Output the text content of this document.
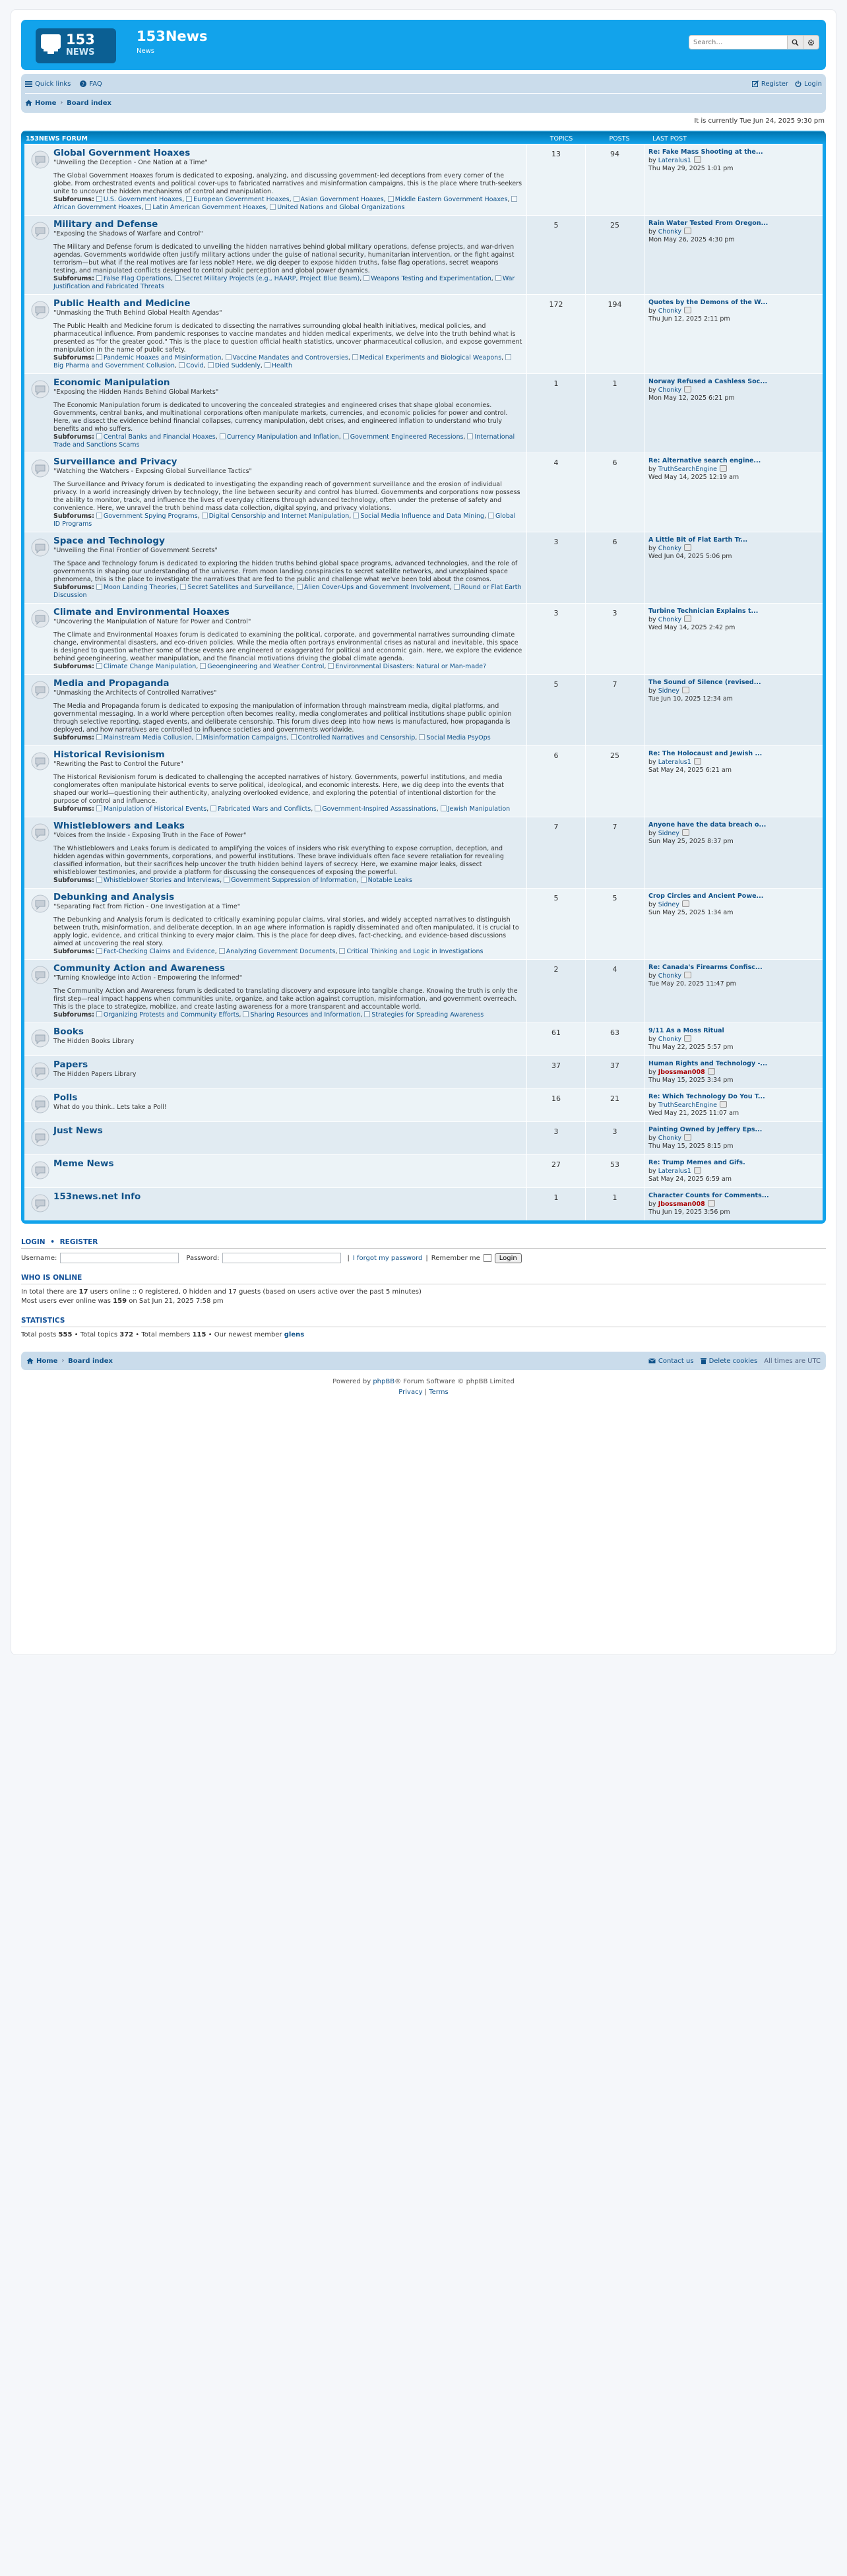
153
NEWS
153News
News
Search…
Quick links ? FAQ	Register Login
Home › Board index
It is currently Tue Jun 24, 2025 9:30 pm
153NEWS FORUM	TOPICS	POSTS	LAST POST
Global Government Hoaxes
"Unveiling the Deception - One Nation at a Time"
The Global Government Hoaxes forum is dedicated to exposing, analyzing, and discussing government-led deceptions from every corner of the globe. From orchestrated events and political cover-ups to fabricated narratives and misinformation campaigns, this is the place where truth-seekers unite to uncover the hidden mechanisms of control and manipulation.
Subforums: U.S. Government Hoaxes, European Government Hoaxes, Asian Government Hoaxes, Middle Eastern Government Hoaxes,African Government Hoaxes, Latin American Government Hoaxes, United Nations and Global Organizations
13	94	Re: Fake Mass Shooting at the...
by Lateralus1
Thu May 29, 2025 1:01 pm
Military and Defense
"Exposing the Shadows of Warfare and Control"
The Military and Defense forum is dedicated to unveiling the hidden narratives behind global military operations, defense projects, and war-driven agendas. Governments worldwide often justify military actions under the guise of national security, humanitarian intervention, or the fight against terrorism—but what if the real motives are far less noble? Here, we dig deeper to expose hidden truths, false flag operations, secret weapons testing, and manipulated conflicts designed to control public perception and global power dynamics.
Subforums: False Flag Operations, Secret Military Projects (e.g., HAARP, Project Blue Beam), Weapons Testing and Experimentation, War Justification and Fabricated Threats
5	25	Rain Water Tested From Oregon...
by Chonky
Mon May 26, 2025 4:30 pm
Public Health and Medicine
"Unmasking the Truth Behind Global Health Agendas"
The Public Health and Medicine forum is dedicated to dissecting the narratives surrounding global health initiatives, medical policies, and pharmaceutical influence. From pandemic responses to vaccine mandates and hidden medical experiments, we delve into the truth behind what is presented as "for the greater good." This is the place to question official health statistics, uncover pharmaceutical collusion, and expose government manipulation in the name of public safety.
Subforums: Pandemic Hoaxes and Misinformation, Vaccine Mandates and Controversies, Medical Experiments and Biological Weapons,Big Pharma and Government Collusion, Covid, Died Suddenly, Health
172	194	Quotes by the Demons of the W...
by Chonky
Thu Jun 12, 2025 2:11 pm
Economic Manipulation
"Exposing the Hidden Hands Behind Global Markets"
The Economic Manipulation forum is dedicated to uncovering the concealed strategies and engineered crises that shape global economies. Governments, central banks, and multinational corporations often manipulate markets, currencies, and economic policies for power and control. Here, we dissect the evidence behind financial collapses, currency manipulation, debt crises, and engineered inflation to understand who truly benefits and who suffers.
Subforums: Central Banks and Financial Hoaxes, Currency Manipulation and Inflation, Government Engineered Recessions, International Trade and Sanctions Scams
1	1	Norway Refused a Cashless Soc...
by Chonky
Mon May 12, 2025 6:21 pm
Surveillance and Privacy
"Watching the Watchers - Exposing Global Surveillance Tactics"
The Surveillance and Privacy forum is dedicated to investigating the expanding reach of government surveillance and the erosion of individual privacy. In a world increasingly driven by technology, the line between security and control has blurred. Governments and corporations now possess the ability to monitor, track, and influence the lives of everyday citizens through advanced technology, often under the pretense of safety and convenience. Here, we unravel the truth behind mass data collection, digital spying, and privacy violations.
Subforums: Government Spying Programs, Digital Censorship and Internet Manipulation, Social Media Influence and Data Mining, Global ID Programs
4	6	Re: Alternative search engine...
by TruthSearchEngine
Wed May 14, 2025 12:19 am
Space and Technology
"Unveiling the Final Frontier of Government Secrets"
The Space and Technology forum is dedicated to exploring the hidden truths behind global space programs, advanced technologies, and the role of governments in shaping our understanding of the universe. From moon landing conspiracies to secret satellite networks, and unexplained space phenomena, this is the place to investigate the narratives that are fed to the public and challenge what we've been told about the cosmos.
Subforums: Moon Landing Theories, Secret Satellites and Surveillance, Alien Cover-Ups and Government Involvement, Round or Flat Earth Discussion
3	6	A Little Bit of Flat Earth Tr...
by Chonky
Wed Jun 04, 2025 5:06 pm
Climate and Environmental Hoaxes
"Uncovering the Manipulation of Nature for Power and Control"
The Climate and Environmental Hoaxes forum is dedicated to examining the political, corporate, and governmental narratives surrounding climate change, environmental disasters, and eco-driven policies. While the media often portrays environmental crises as natural and inevitable, this space is designed to question whether some of these events are engineered or exaggerated for political and economic gain. Here, we explore the evidence behind geoengineering, weather manipulation, and the financial motivations driving the global climate agenda.
Subforums: Climate Change Manipulation, Geoengineering and Weather Control, Environmental Disasters: Natural or Man-made?
3	3	Turbine Technician Explains t...
by Chonky
Wed May 14, 2025 2:42 pm
Media and Propaganda
"Unmasking the Architects of Controlled Narratives"
The Media and Propaganda forum is dedicated to exposing the manipulation of information through mainstream media, digital platforms, and governmental messaging. In a world where perception often becomes reality, media conglomerates and political institutions shape public opinion through selective reporting, staged events, and deliberate censorship. This forum dives deep into how news is manufactured, how propaganda is deployed, and how narratives are controlled to influence societies and governments worldwide.
Subforums: Mainstream Media Collusion, Misinformation Campaigns, Controlled Narratives and Censorship, Social Media PsyOps
5	7	The Sound of Silence (revised...
by Sidney
Tue Jun 10, 2025 12:34 am
Historical Revisionism
"Rewriting the Past to Control the Future"
The Historical Revisionism forum is dedicated to challenging the accepted narratives of history. Governments, powerful institutions, and media conglomerates often manipulate historical events to serve political, ideological, and economic interests. Here, we dig deep into the events that shaped our world—questioning their authenticity, analyzing overlooked evidence, and exploring the potential of intentional distortion for the purpose of control and influence.
Subforums: Manipulation of Historical Events, Fabricated Wars and Conflicts, Government-Inspired Assassinations, Jewish Manipulation
6	25	Re: The Holocaust and Jewish ...
by Lateralus1
Sat May 24, 2025 6:21 am
Whistleblowers and Leaks
"Voices from the Inside - Exposing Truth in the Face of Power"
The Whistleblowers and Leaks forum is dedicated to amplifying the voices of insiders who risk everything to expose corruption, deception, and hidden agendas within governments, corporations, and powerful institutions. These brave individuals often face severe retaliation for revealing classified information, but their sacrifices help uncover the truth hidden behind layers of secrecy. Here, we examine major leaks, dissect whistleblower testimonies, and provide a platform for discussing the consequences of exposing the powerful.
Subforums: Whistleblower Stories and Interviews, Government Suppression of Information, Notable Leaks
7	7	Anyone have the data breach o...
by Sidney
Sun May 25, 2025 8:37 pm
Debunking and Analysis
"Separating Fact from Fiction - One Investigation at a Time"
The Debunking and Analysis forum is dedicated to critically examining popular claims, viral stories, and widely accepted narratives to distinguish between truth, misinformation, and deliberate deception. In an age where information is rapidly disseminated and often manipulated, it is crucial to apply logic, evidence, and critical thinking to every major claim. This is the place for deep dives, fact-checking, and evidence-based discussions aimed at uncovering the real story.
Subforums: Fact-Checking Claims and Evidence, Analyzing Government Documents, Critical Thinking and Logic in Investigations
5	5	Crop Circles and Ancient Powe...
by Sidney
Sun May 25, 2025 1:34 am
Community Action and Awareness
"Turning Knowledge into Action - Empowering the Informed"
The Community Action and Awareness forum is dedicated to translating discovery and exposure into tangible change. Knowing the truth is only the first step—real impact happens when communities unite, organize, and take action against corruption, misinformation, and government overreach. This is the place to strategize, mobilize, and create lasting awareness for a more transparent and accountable world.
Subforums: Organizing Protests and Community Efforts, Sharing Resources and Information, Strategies for Spreading Awareness
2	4	Re: Canada's Firearms Confisc...
by Chonky
Tue May 20, 2025 11:47 pm
Books
The Hidden Books Library
61	63	9/11 As a Moss Ritual
by Chonky
Thu May 22, 2025 5:57 pm
Papers
The Hidden Papers Library
37	37	Human Rights and Technology -...
by Jbossman008
Thu May 15, 2025 3:34 pm
Polls
What do you think.. Lets take a Poll!
16	21	Re: Which Technology Do You T...
by TruthSearchEngine
Wed May 21, 2025 11:07 am
Just News	3	3	Painting Owned by Jeffery Eps...
by Chonky
Thu May 15, 2025 8:15 pm
Meme News	27	53	Re: Trump Memes and Gifs.
by Lateralus1
Sat May 24, 2025 6:59 am
153news.net Info	1	1	Character Counts for Comments...
by Jbossman008
Thu Jun 19, 2025 3:56 pm
LOGIN • REGISTER
Username:	Password:	| I forgot my password | Remember me	Login
WHO IS ONLINE
In total there are 17 users online :: 0 registered, 0 hidden and 17 guests (based on users active over the past 5 minutes)
Most users ever online was 159 on Sat Jun 21, 2025 7:58 pm
STATISTICS
Total posts 555 • Total topics 372 • Total members 115 • Our newest member glens
Home › Board index	Contact us Delete cookies All times are UTC
Powered by phpBB® Forum Software © phpBB Limited
Privacy | Terms
